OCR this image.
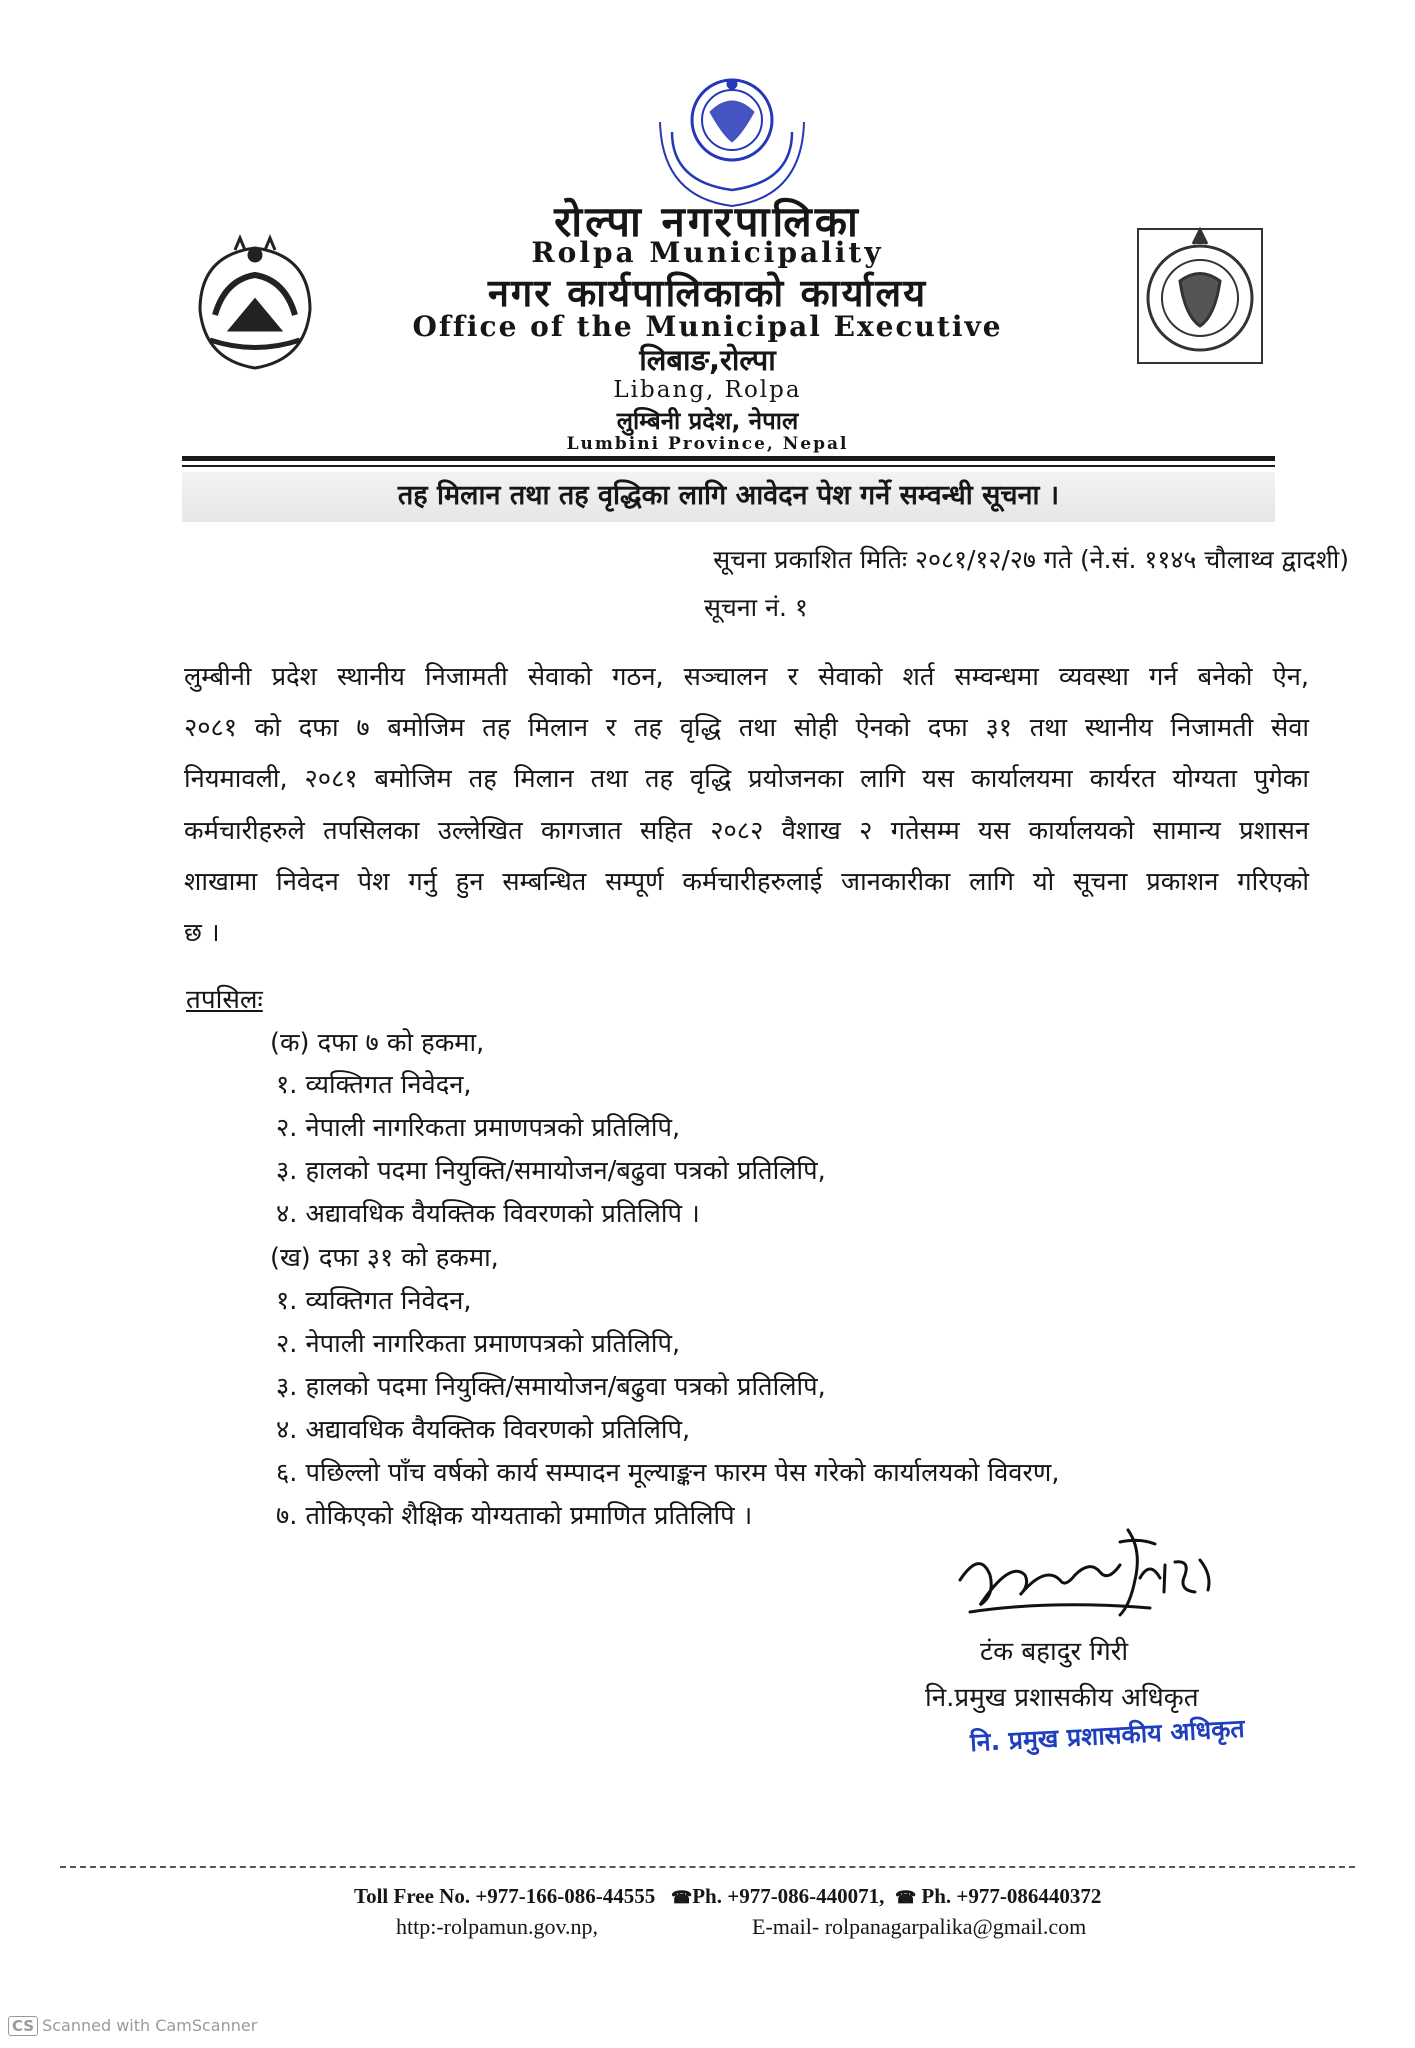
रोल्पा नगरपालिका
Rolpa Municipality
नगर कार्यपालिकाको कार्यालय
Office of the Municipal Executive
लिबाङ,रोल्पा
Libang, Rolpa
लुम्बिनी प्रदेश, नेपाल
Lumbini Province, Nepal
तह मिलान तथा तह वृद्धिका लागि आवेदन पेश गर्ने सम्वन्धी सूचना ।
सूचना प्रकाशित मितिः २०८१/१२/२७ गते (ने.सं. ११४५ चौलाथ्व द्वादशी)
सूचना नं. १
लुम्बीनी प्रदेश स्थानीय निजामती सेवाको गठन, सञ्चालन र सेवाको शर्त सम्वन्धमा व्यवस्था गर्न बनेको ऐन,
२०८१ को दफा ७ बमोजिम तह मिलान र तह वृद्धि तथा सोही ऐनको दफा ३१ तथा स्थानीय निजामती सेवा
नियमावली, २०८१ बमोजिम तह मिलान तथा तह वृद्धि प्रयोजनका लागि यस कार्यालयमा कार्यरत योग्यता पुगेका
कर्मचारीहरुले तपसिलका उल्लेखित कागजात सहित २०८२ वैशाख २ गतेसम्म यस कार्यालयको सामान्य प्रशासन
शाखामा निवेदन पेश गर्नु हुन सम्बन्धित सम्पूर्ण कर्मचारीहरुलाई जानकारीका लागि यो सूचना प्रकाशन गरिएको
छ ।
तपसिलः
(क) दफा ७ को हकमा,
१. व्यक्तिगत निवेदन,
२. नेपाली नागरिकता प्रमाणपत्रको प्रतिलिपि,
३. हालको पदमा नियुक्ति/समायोजन/बढुवा पत्रको प्रतिलिपि,
४. अद्यावधिक वैयक्तिक विवरणको प्रतिलिपि ।
(ख) दफा ३१ को हकमा,
१. व्यक्तिगत निवेदन,
२. नेपाली नागरिकता प्रमाणपत्रको प्रतिलिपि,
३. हालको पदमा नियुक्ति/समायोजन/बढुवा पत्रको प्रतिलिपि,
४. अद्यावधिक वैयक्तिक विवरणको प्रतिलिपि,
६. पछिल्लो पाँच वर्षको कार्य सम्पादन मूल्याङ्कन फारम पेस गरेको कार्यालयको विवरण,
७. तोकिएको शैक्षिक योग्यताको प्रमाणित प्रतिलिपि ।
टंक बहादुर गिरी
नि.प्रमुख प्रशासकीय अधिकृत
नि. प्रमुख प्रशासकीय अधिकृत
Toll Free No. +977-166-086-44555 ☎Ph. +977-086-440071, ☎ Ph. +977-086440372
http:-rolpamun.gov.np,	E-mail- rolpanagarpalika@gmail.com
CS Scanned with CamScanner
